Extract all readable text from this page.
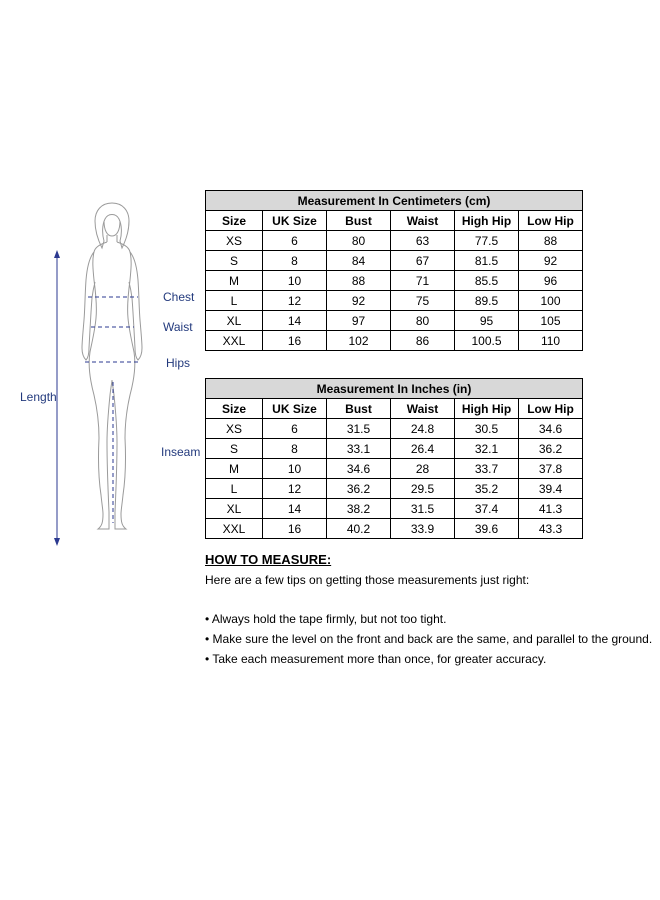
Chest
Waist
Hips
Length
Inseam
Measurement In Centimeters (cm)					
Size	UK Size	Bust	Waist	High Hip	Low Hip
XS	6	80	63	77.5	88
S	8	84	67	81.5	92
M	10	88	71	85.5	96
L	12	92	75	89.5	100
XL	14	97	80	95	105
XXL	16	102	86	100.5	110
Measurement In Inches (in)					
Size	UK Size	Bust	Waist	High Hip	Low Hip
XS	6	31.5	24.8	30.5	34.6
S	8	33.1	26.4	32.1	36.2
M	10	34.6	28	33.7	37.8
L	12	36.2	29.5	35.2	39.4
XL	14	38.2	31.5	37.4	41.3
XXL	16	40.2	33.9	39.6	43.3
HOW TO MEASURE:

Here are a few tips on getting those measurements just right:

• Always hold the tape firmly, but not too tight.
• Make sure the level on the front and back are the same, and parallel to the ground.
• Take each measurement more than once, for greater accuracy.
